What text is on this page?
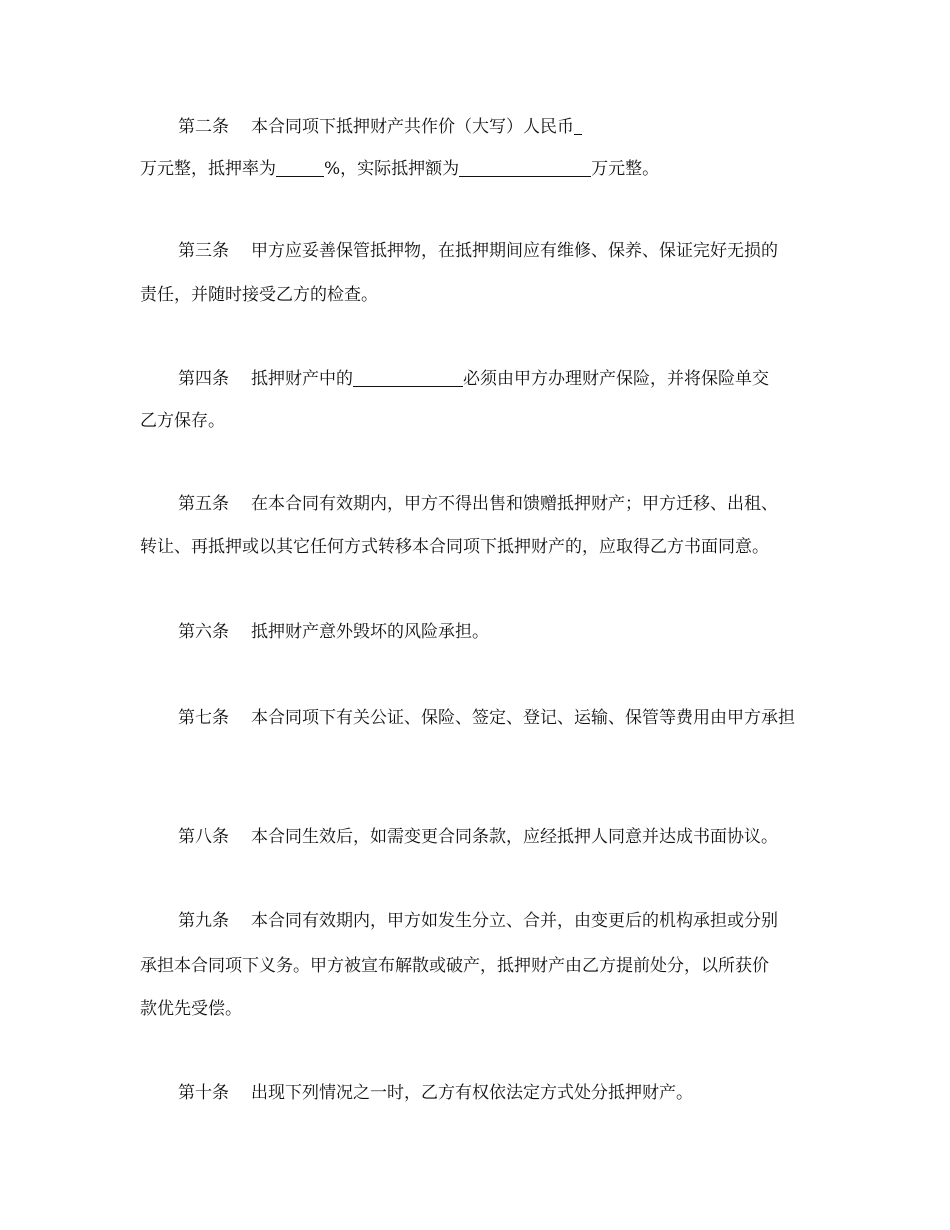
第二条 本合同项下抵押财产共作价（大写）人民币
万元整，抵押率为	%，实际抵押额为	万元整。
第三条 甲方应妥善保管抵押物，在抵押期间应有维修、保养、保证完好无损的
责任，并随时接受乙方的检查。
第四条 抵押财产中的	必须由甲方办理财产保险，并将保险单交
乙方保存。
第五条 在本合同有效期内，甲方不得出售和馈赠抵押财产；甲方迁移、出租、
转让、再抵押或以其它任何方式转移本合同项下抵押财产的，应取得乙方书面同意。
第六条 抵押财产意外毁坏的风险承担。
第七条 本合同项下有关公证、保险、签定、登记、运输、保管等费用由甲方承担
第八条 本合同生效后，如需变更合同条款，应经抵押人同意并达成书面协议。
第九条 本合同有效期内，甲方如发生分立、合并，由变更后的机构承担或分别
承担本合同项下义务。甲方被宣布解散或破产，抵押财产由乙方提前处分，以所获价
款优先受偿。
第十条 出现下列情况之一时，乙方有权依法定方式处分抵押财产。
